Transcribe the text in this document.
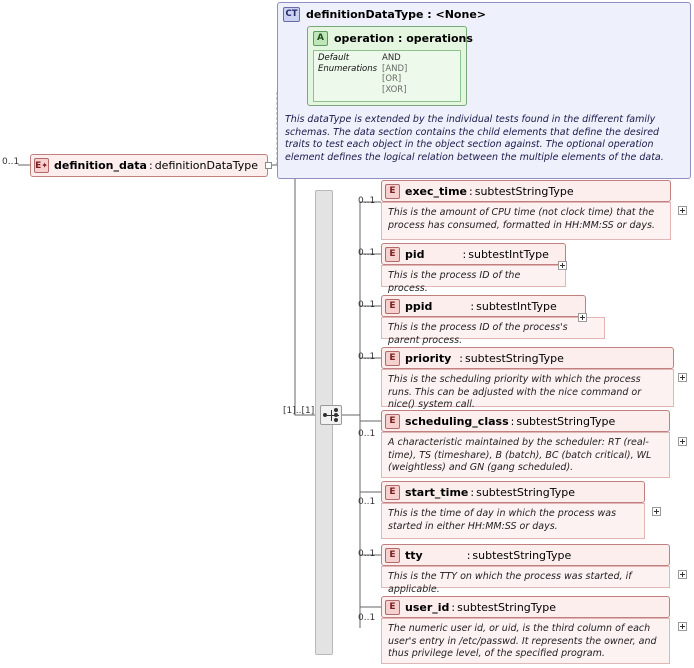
CT definitionDataType : <None>
A operation : operations
Default	AND
Enumerations [AND]
[OR]
[XOR]
This dataType is extended by the individual tests found in the different family schemas. The data section contains the child elements that define the desired traits to test each object in the object section against. The optional operation element defines the logical relation between the multiple elements of the data.
0..1 E✦ definition_data : definitionDataType
[1]..[1]
0..1
E exec_time : subtestStringType
This is the amount of CPU time (not clock time) that the process has consumed, formatted in HH:MM:SS or days.
0..1	E pid	: subtestIntType
This is the process ID of the process.
0..1	E ppid	: subtestIntType
This is the process ID of the process's parent process.
0..1	E priority : subtestStringType
This is the scheduling priority with which the process runs. This can be adjusted with the nice command or nice() system call.
0..1
E scheduling_class : subtestStringType
A characteristic maintained by the scheduler: RT (real-time), TS (timeshare), B (batch), BC (batch critical), WL (weightless) and GN (gang scheduled).
0..1
E start_time : subtestStringType
This is the time of day in which the process was started in either HH:MM:SS or days.
0..1	E tty	: subtestStringType
This is the TTY on which the process was started, if applicable.
0..1
E user_id : subtestStringType
The numeric user id, or uid, is the third column of each user's entry in /etc/passwd. It represents the owner, and thus privilege level, of the specified program.
